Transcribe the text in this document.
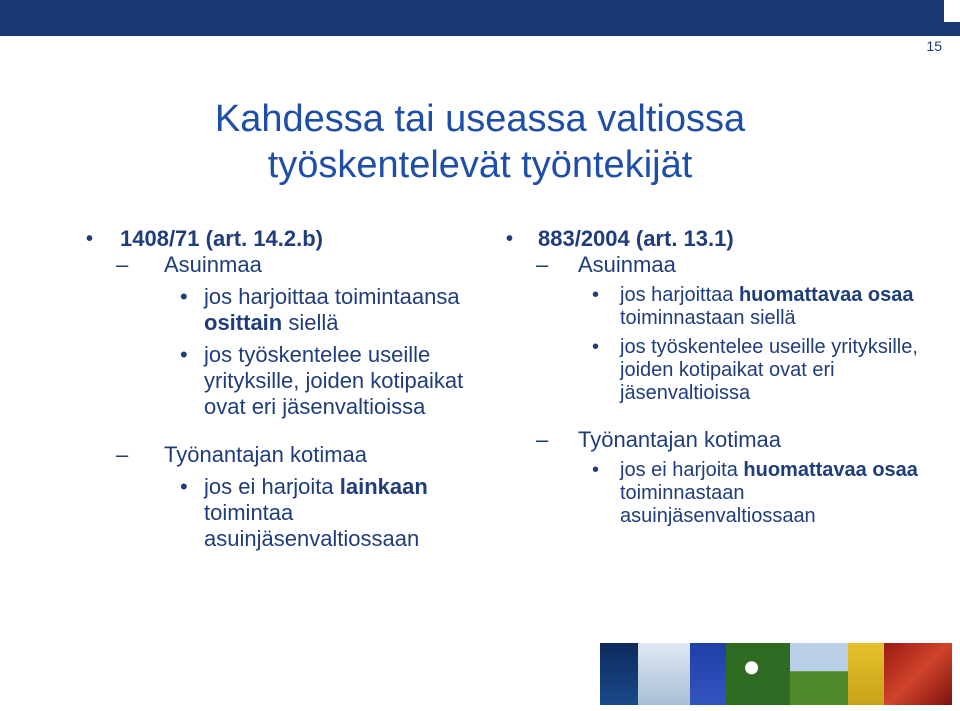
15
Kahdessa tai useassa valtiossa
työskentelevät työntekijät
• 1408/71 (art. 14.2.b)
– Asuinmaa
• jos harjoittaa toimintaansa osittain siellä
• jos työskentelee useille yrityksille, joiden kotipaikat ovat eri jäsenvaltioissa
– Työnantajan kotimaa
• jos ei harjoita lainkaan toimintaa asuinjäsenvaltiossaan
• 883/2004 (art. 13.1)
– Asuinmaa
• jos harjoittaa huomattavaa osaa toiminnastaan siellä
• jos työskentelee useille yrityksille, joiden kotipaikat ovat eri jäsenvaltioissa
– Työnantajan kotimaa
• jos ei harjoita huomattavaa osaa toiminnastaan asuinjäsenvaltiossaan
